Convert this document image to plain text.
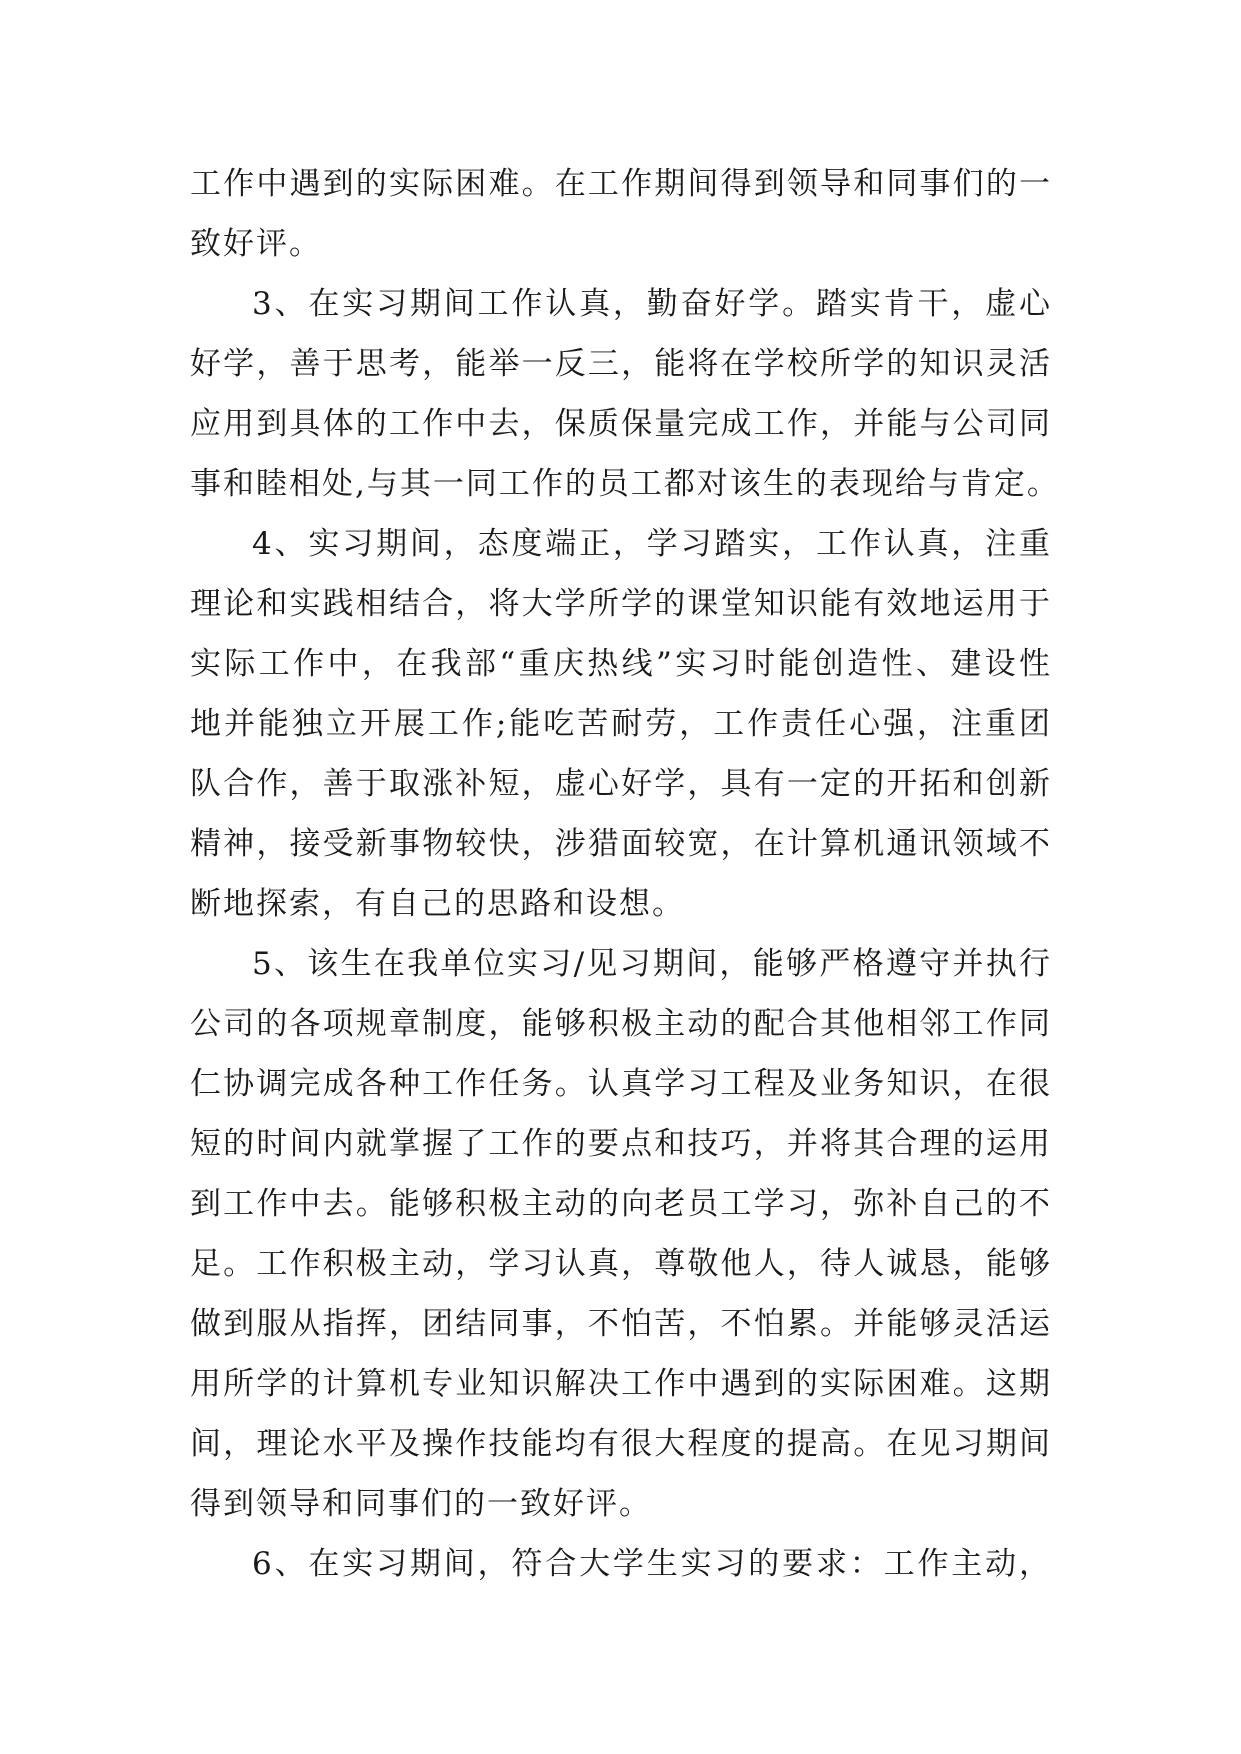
工作中遇到的实际困难。在工作期间得到领导和同事们的一
致好评。
3、在实习期间工作认真，勤奋好学。踏实肯干，虚心
好学，善于思考，能举一反三，能将在学校所学的知识灵活
应用到具体的工作中去，保质保量完成工作，并能与公司同
事和睦相处,与其一同工作的员工都对该生的表现给与肯定。
4、实习期间，态度端正，学习踏实，工作认真，注重
理论和实践相结合，将大学所学的课堂知识能有效地运用于
实际工作中，在我部“重庆热线”实习时能创造性、建设性
地并能独立开展工作;能吃苦耐劳，工作责任心强，注重团
队合作，善于取涨补短，虚心好学，具有一定的开拓和创新
精神，接受新事物较快，涉猎面较宽，在计算机通讯领域不
断地探索，有自己的思路和设想。
5、该生在我单位实习/见习期间，能够严格遵守并执行
公司的各项规章制度，能够积极主动的配合其他相邻工作同
仁协调完成各种工作任务。认真学习工程及业务知识，在很
短的时间内就掌握了工作的要点和技巧，并将其合理的运用
到工作中去。能够积极主动的向老员工学习，弥补自己的不
足。工作积极主动，学习认真，尊敬他人，待人诚恳，能够
做到服从指挥，团结同事，不怕苦，不怕累。并能够灵活运
用所学的计算机专业知识解决工作中遇到的实际困难。这期
间，理论水平及操作技能均有很大程度的提高。在见习期间
得到领导和同事们的一致好评。
6、在实习期间，符合大学生实习的要求：工作主动，
